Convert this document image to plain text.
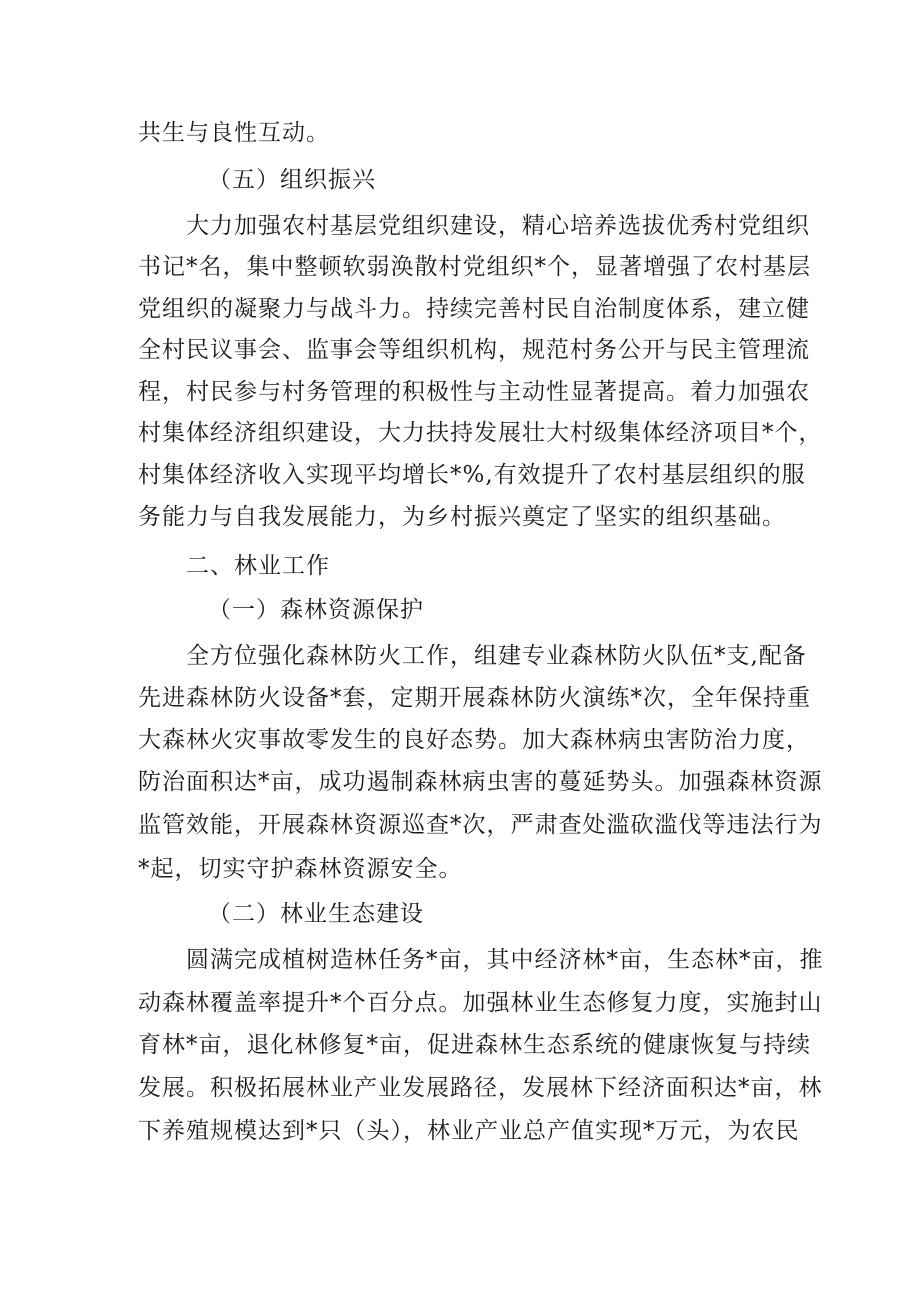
共生与良性互动。
（五）组织振兴
大力加强农村基层党组织建设，精心培养选拔优秀村党组织
书记*名，集中整顿软弱涣散村党组织*个，显著增强了农村基层
党组织的凝聚力与战斗力。持续完善村民自治制度体系，建立健
全村民议事会、监事会等组织机构，规范村务公开与民主管理流
程，村民参与村务管理的积极性与主动性显著提高。着力加强农
村集体经济组织建设，大力扶持发展壮大村级集体经济项目*个，
村集体经济收入实现平均增长*%,有效提升了农村基层组织的服
务能力与自我发展能力，为乡村振兴奠定了坚实的组织基础。
二、林业工作
（一）森林资源保护
全方位强化森林防火工作，组建专业森林防火队伍*支,配备
先进森林防火设备*套，定期开展森林防火演练*次，全年保持重
大森林火灾事故零发生的良好态势。加大森林病虫害防治力度，
防治面积达*亩，成功遏制森林病虫害的蔓延势头。加强森林资源
监管效能，开展森林资源巡查*次，严肃查处滥砍滥伐等违法行为
*起，切实守护森林资源安全。
（二）林业生态建设
圆满完成植树造林任务*亩，其中经济林*亩，生态林*亩，推
动森林覆盖率提升*个百分点。加强林业生态修复力度，实施封山
育林*亩，退化林修复*亩，促进森林生态系统的健康恢复与持续
发展。积极拓展林业产业发展路径，发展林下经济面积达*亩，林
下养殖规模达到*只（头），林业产业总产值实现*万元，为农民
